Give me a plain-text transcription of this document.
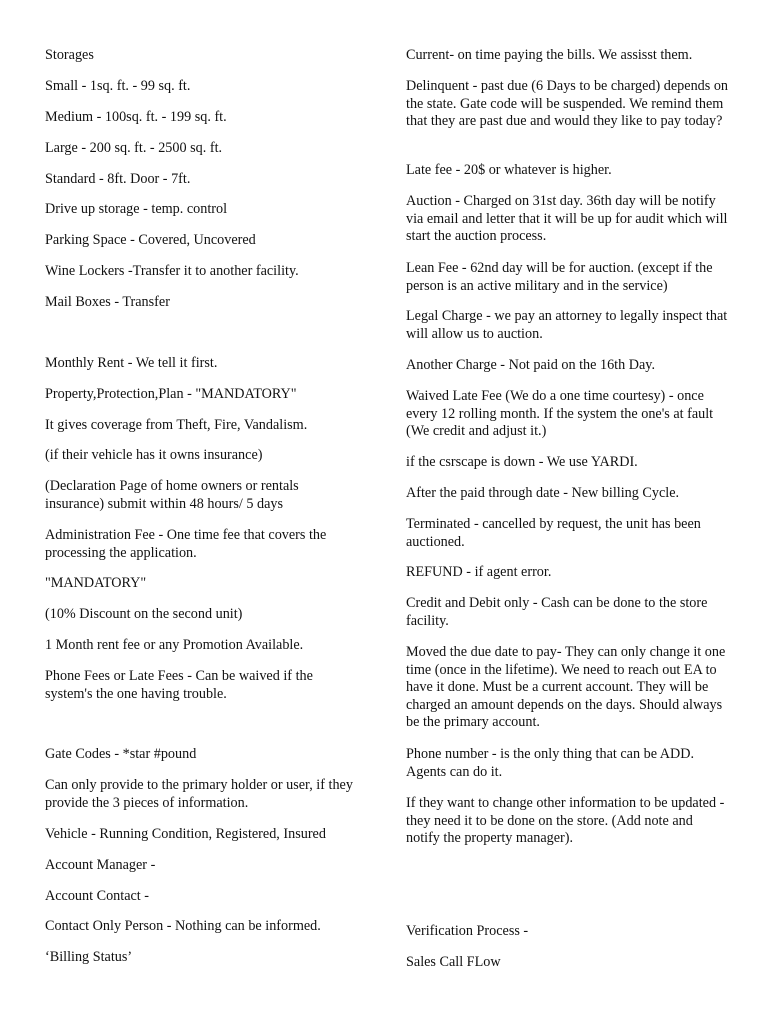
Storages

Small - 1sq. ft. - 99 sq. ft.

Medium - 100sq. ft. - 199 sq. ft.

Large - 200 sq. ft. - 2500 sq. ft.

Standard - 8ft. Door - 7ft.

Drive up storage - temp. control

Parking Space - Covered, Uncovered

Wine Lockers -Transfer it to another facility.

Mail Boxes - Transfer

Monthly Rent - We tell it first.

Property,Protection,Plan - "MANDATORY"

It gives coverage from Theft, Fire, Vandalism.

(if their vehicle has it owns insurance)

(Declaration Page of home owners or rentals insurance) submit within 48 hours/ 5 days

Administration Fee - One time fee that covers the processing the application.

"MANDATORY"

(10% Discount on the second unit)

1 Month rent fee or any Promotion Available.

Phone Fees or Late Fees - Can be waived if the system's the one having trouble.

Gate Codes - *star #pound

Can only provide to the primary holder or user, if they provide the 3 pieces of information.

Vehicle - Running Condition, Registered, Insured

Account Manager -

Account Contact -

Contact Only Person - Nothing can be informed.

‘Billing Status’

Current- on time paying the bills. We assisst them.

Delinquent - past due (6 Days to be charged) depends on the state. Gate code will be suspended. We remind them that they are past due and would they like to pay today?

Late fee - 20$ or whatever is higher.

Auction - Charged on 31st day. 36th day will be notify via email and letter that it will be up for audit which will start the auction process.

Lean Fee - 62nd day will be for auction. (except if the person is an active military and in the service)

Legal Charge - we pay an attorney to legally inspect that will allow us to auction.

Another Charge - Not paid on the 16th Day.

Waived Late Fee (We do a one time courtesy) - once every 12 rolling month. If the system the one's at fault (We credit and adjust it.)

if the csrscape is down - We use YARDI.

After the paid through date - New billing Cycle.

Terminated - cancelled by request, the unit has been auctioned.

REFUND - if agent error.

Credit and Debit only - Cash can be done to the store facility.

Moved the due date to pay- They can only change it one time (once in the lifetime). We need to reach out EA to have it done. Must be a current account. They will be charged an amount depends on the days. Should always be the primary account.

Phone number - is the only thing that can be ADD. Agents can do it.

If they want to change other information to be updated - they need it to be done on the store. (Add note and notify the property manager).

Verification Process -

Sales Call FLow
